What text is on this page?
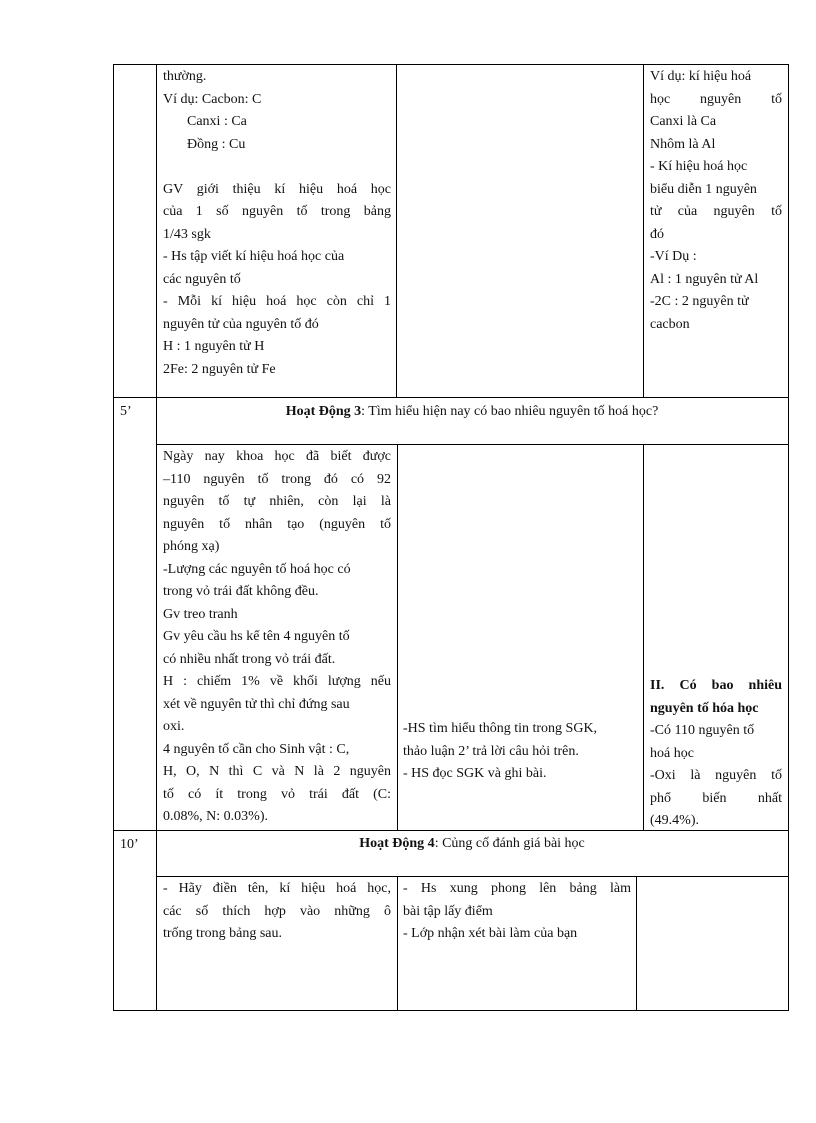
thường.

Ví dụ: Cacbon: C

Canxi : Ca

Đồng : Cu

GV giới thiệu kí hiệu hoá học

của 1 số nguyên tố trong bảng

1/43 sgk

- Hs tập viết kí hiệu hoá học của

các nguyên tố

- Mỗi kí hiệu hoá học còn chỉ 1

nguyên tử của nguyên tố đó

H : 1 nguyên tử H

2Fe: 2 nguyên tử Fe

Ví dụ: kí hiệu hoá

học nguyên tố

Canxi là Ca

Nhôm là Al

- Kí hiệu hoá học

biểu diễn 1 nguyên

tử của nguyên tố

đó

-Ví Dụ :

Al : 1 nguyên tử Al

-2C : 2 nguyên tử

cacbon

5’	Hoạt Động 3: Tìm hiểu hiện nay có bao nhiêu nguyên tố hoá học?

Ngày nay khoa học đã biết được

–110 nguyên tố trong đó có 92

nguyên tố tự nhiên, còn lại là

nguyên tố nhân tạo (nguyên tố

phóng xạ)

-Lượng các nguyên tố hoá học có

trong vỏ trái đất không đều.

Gv treo tranh

Gv yêu cầu hs kể tên 4 nguyên tố

có nhiều nhất trong vỏ trái đất.

H : chiếm 1% về khối lượng nếu

xét về nguyên tử thì chỉ đứng sau

oxi.

4 nguyên tố cần cho Sinh vật : C,

H, O, N thì C và N là 2 nguyên

tố có ít trong vỏ trái đất (C:

0.08%, N: 0.03%).

-HS tìm hiểu thông tin trong SGK,

thảo luận 2’ trả lời câu hỏi trên.

- HS đọc SGK và ghi bài.

II. Có bao nhiêu

nguyên tố hóa học

-Có 110 nguyên tố

hoá học

-Oxi là nguyên tố

phổ biến nhất

(49.4%).

10’	Hoạt Động 4: Củng cố đánh giá bài học

- Hãy điền tên, kí hiệu hoá học,

các số thích hợp vào những ô

trống trong bảng sau.

- Hs xung phong lên bảng làm

bài tập lấy điểm

- Lớp nhận xét bài làm của bạn
